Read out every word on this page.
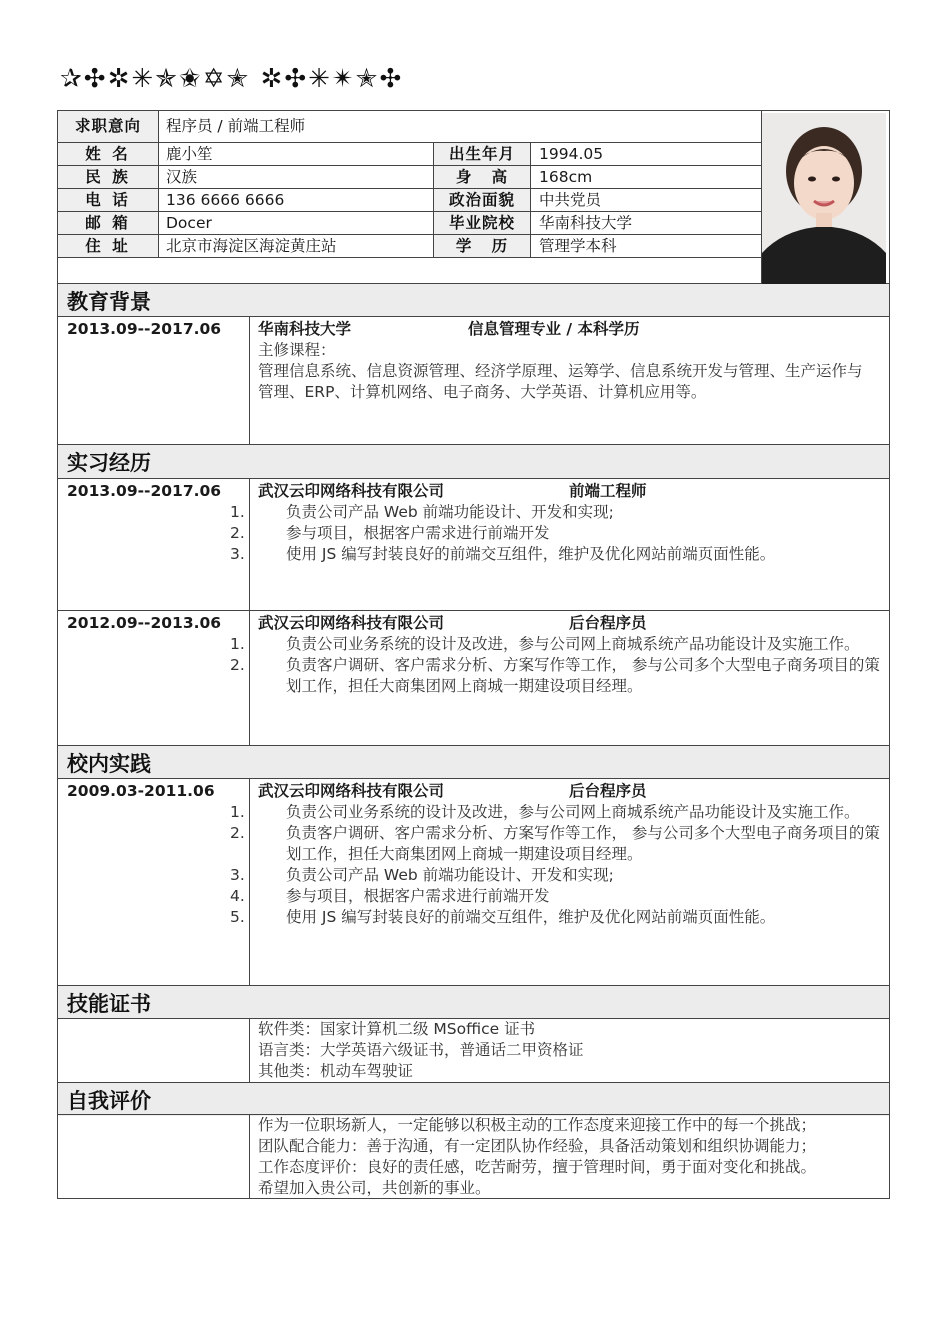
✰✣✲✳✯✬✡✭ ✲✣✳✴✭✣
求职意向	程序员 / 前端工程师
姓 名	鹿小笙	出生年月	1994.05
民 族	汉族	身   高	168cm
电 话	136 6666 6666	政治面貌	中共党员
邮 箱	Docer	毕业院校	华南科技大学
住 址	北京市海淀区海淀黄庄站	学   历	管理学本科
教育背景
2013.09--2017.06 华南科技大学	信息管理专业 / 本科学历
主修课程：
管理信息系统、信息资源管理、经济学原理、运筹学、信息系统开发与管理、生产运作与
管理、ERP、计算机网络、电子商务、大学英语、计算机应用等。
实习经历
2013.09--2017.06 武汉云印网络科技有限公司	前端工程师
1.	负责公司产品 Web 前端功能设计、开发和实现;
2.	参与项目，根据客户需求进行前端开发
3.	使用 JS 编写封装良好的前端交互组件，维护及优化网站前端页面性能。
2012.09--2013.06 武汉云印网络科技有限公司	后台程序员
1.	负责公司业务系统的设计及改进，参与公司网上商城系统产品功能设计及实施工作。
2.	负责客户调研、客户需求分析、方案写作等工作， 参与公司多个大型电子商务项目的策划工作，担任大商集团网上商城一期建设项目经理。
校内实践
2009.03-2011.06	武汉云印网络科技有限公司	后台程序员
1.	负责公司业务系统的设计及改进，参与公司网上商城系统产品功能设计及实施工作。
2.	负责客户调研、客户需求分析、方案写作等工作， 参与公司多个大型电子商务项目的策划工作，担任大商集团网上商城一期建设项目经理。
3.	负责公司产品 Web 前端功能设计、开发和实现;
4.	参与项目，根据客户需求进行前端开发
5.	使用 JS 编写封装良好的前端交互组件，维护及优化网站前端页面性能。
技能证书
软件类：国家计算机二级 MSoffice 证书
语言类：大学英语六级证书，普通话二甲资格证
其他类：机动车驾驶证
自我评价
作为一位职场新人，一定能够以积极主动的工作态度来迎接工作中的每一个挑战；
团队配合能力：善于沟通，有一定团队协作经验，具备活动策划和组织协调能力；
工作态度评价：良好的责任感，吃苦耐劳，擅于管理时间，勇于面对变化和挑战。
希望加入贵公司，共创新的事业。
